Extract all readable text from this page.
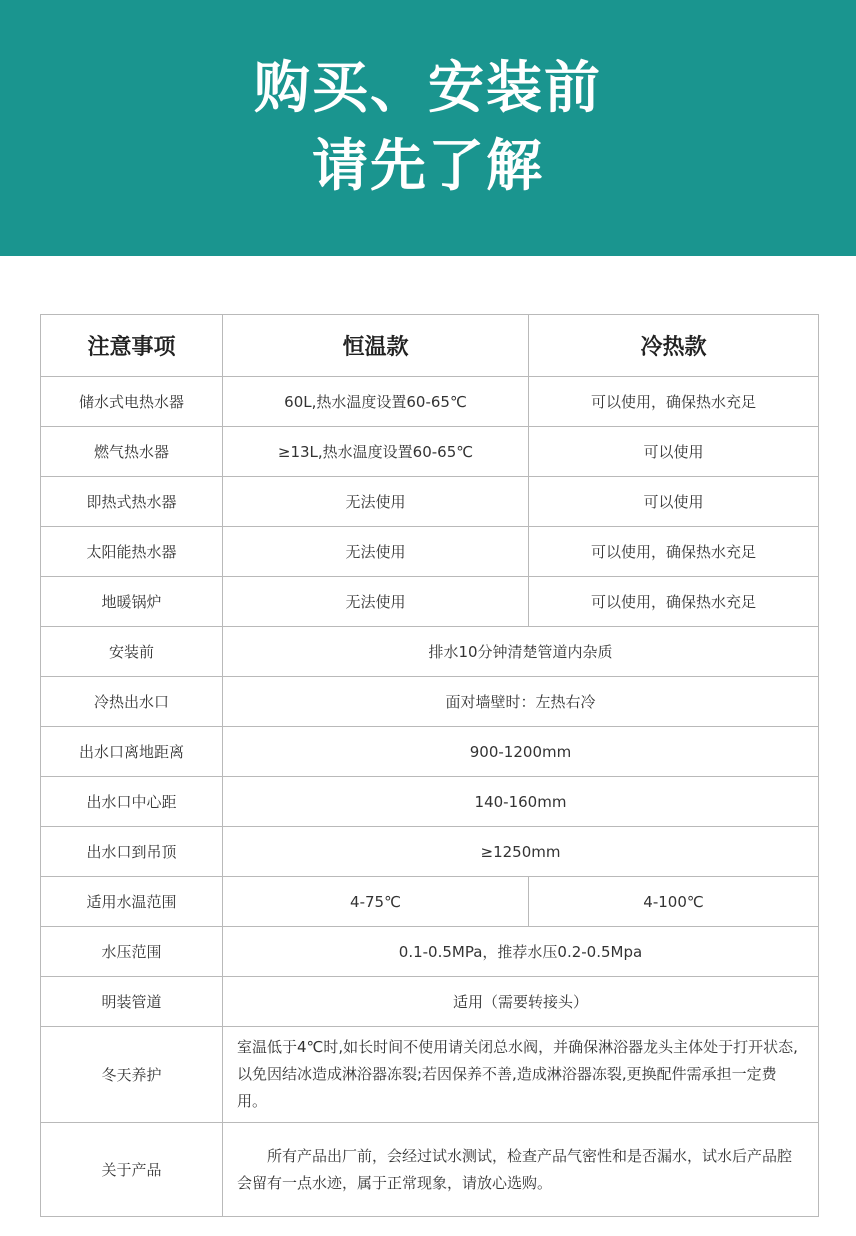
购买、安装前
请先了解
注意事项	恒温款	冷热款
储水式电热水器	60L,热水温度设置60-65℃	可以使用，确保热水充足
燃气热水器	≥13L,热水温度设置60-65℃	可以使用
即热式热水器	无法使用	可以使用
太阳能热水器	无法使用	可以使用，确保热水充足
地暖锅炉	无法使用	可以使用，确保热水充足
安装前	排水10分钟清楚管道内杂质	
冷热出水口	面对墙壁时：左热右冷	
出水口离地距离	900-1200mm	
出水口中心距	140-160mm	
出水口到吊顶	≥1250mm	
适用水温范围	4-75℃	4-100℃
水压范围	0.1-0.5MPa，推荐水压0.2-0.5Mpa	
明装管道	适用（需要转接头）	
冬天养护	室温低于4℃时,如长时间不使用请关闭总水阀，并确保淋浴器龙头主体处于打开状态,以免因结冰造成淋浴器冻裂;若因保养不善,造成淋浴器冻裂,更换配件需承担一定费用。	
关于产品	所有产品出厂前，会经过试水测试，检查产品气密性和是否漏水，试水后产品腔会留有一点水迹，属于正常现象，请放心选购。	
